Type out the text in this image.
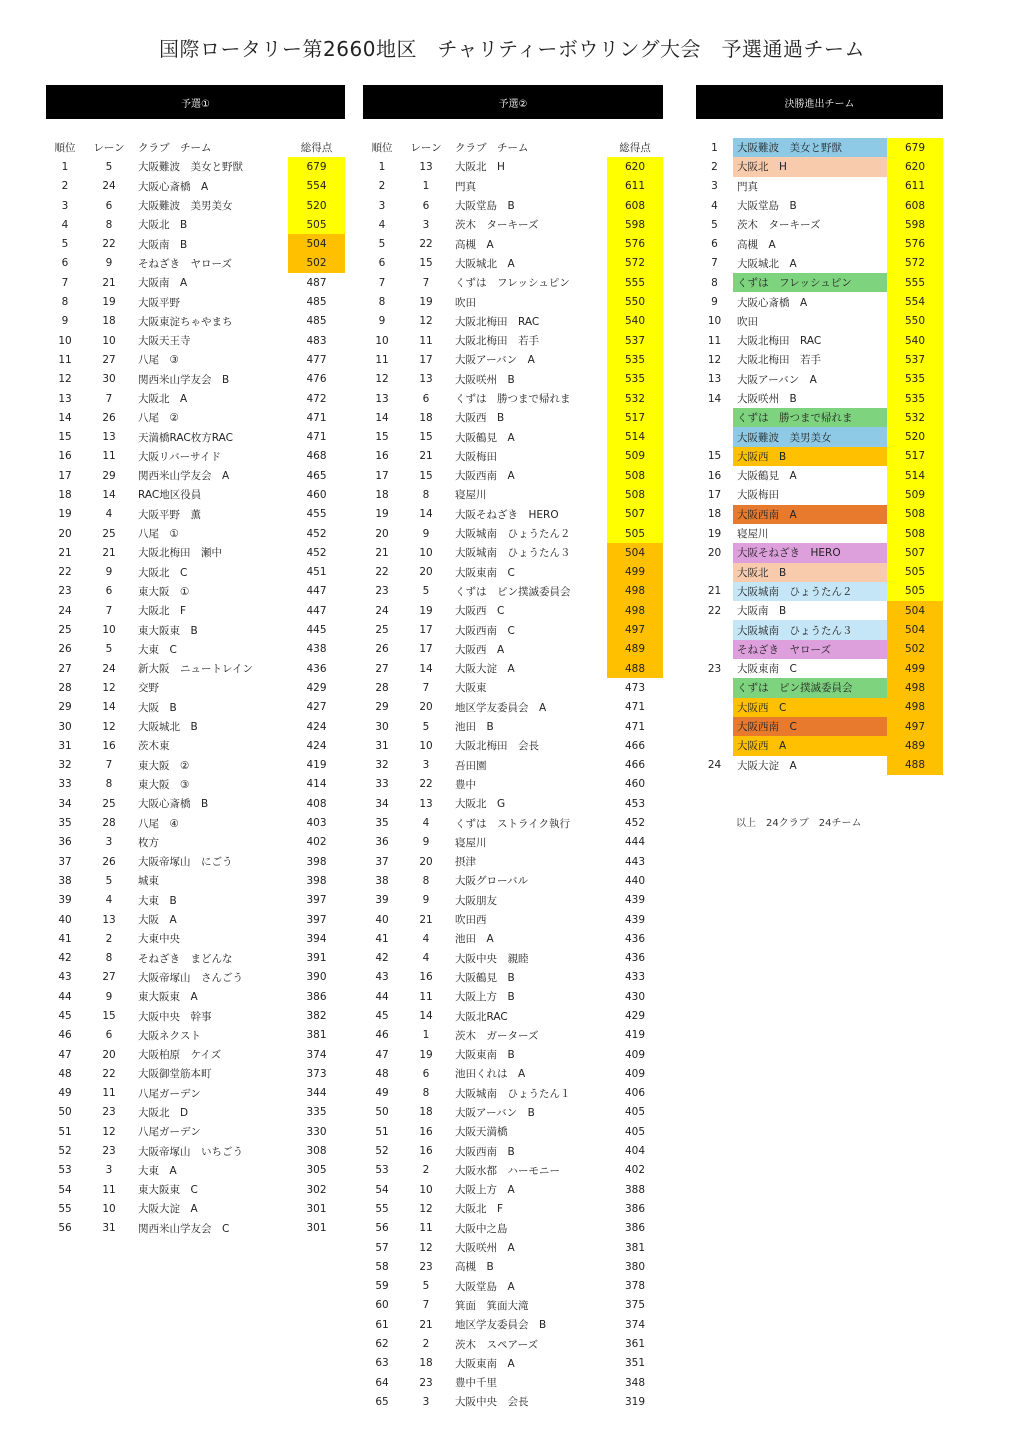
国際ロータリー第2660地区　チャリティーボウリング大会　予選通過チーム
予選①
順位	レーン	クラブ　チーム	総得点
1	5	大阪難波　美女と野獣	679
2	24	大阪心斎橋　A	554
3	6	大阪難波　美男美女	520
4	8	大阪北　B	505
5	22	大阪南　B	504
6	9	そねざき　ヤローズ	502
7	21	大阪南　A	487
8	19	大阪平野	485
9	18	大阪東淀ちゃやまち	485
10	10	大阪天王寺	483
11	27	八尾　③	477
12	30	関西米山学友会　B	476
13	7	大阪北　A	472
14	26	八尾　②	471
15	13	天満橋RAC枚方RAC	471
16	11	大阪リバーサイド	468
17	29	関西米山学友会　A	465
18	14	RAC地区役員	460
19	4	大阪平野　薫	455
20	25	八尾　①	452
21	21	大阪北梅田　瀬中	452
22	9	大阪北　C	451
23	6	東大阪　①	447
24	7	大阪北　F	447
25	10	東大阪東　B	445
26	5	大東　C	438
27	24	新大阪　ニュートレイン	436
28	12	交野	429
29	14	大阪　B	427
30	12	大阪城北　B	424
31	16	茨木東	424
32	7	東大阪　②	419
33	8	東大阪　③	414
34	25	大阪心斎橋　B	408
35	28	八尾　④	403
36	3	枚方	402
37	26	大阪帝塚山　にごう	398
38	5	城東	398
39	4	大東　B	397
40	13	大阪　A	397
41	2	大東中央	394
42	8	そねざき　まどんな	391
43	27	大阪帝塚山　さんごう	390
44	9	東大阪東　A	386
45	15	大阪中央　幹事	382
46	6	大阪ネクスト	381
47	20	大阪柏原　ケイズ	374
48	22	大阪御堂筋本町	373
49	11	八尾ガーデン	344
50	23	大阪北　D	335
51	12	八尾ガーデン	330
52	23	大阪帝塚山　いちごう	308
53	3	大東　A	305
54	11	東大阪東　C	302
55	10	大阪大淀　A	301
56	31	関西米山学友会　C	301
予選②
順位	レーン	クラブ　チーム	総得点
1	13	大阪北　H	620
2	1	門真	611
3	6	大阪堂島　B	608
4	3	茨木　ターキーズ	598
5	22	高槻　A	576
6	15	大阪城北　A	572
7	7	くずは　フレッシュピン	555
8	19	吹田	550
9	12	大阪北梅田　RAC	540
10	11	大阪北梅田　若手	537
11	17	大阪アーバン　A	535
12	13	大阪咲州　B	535
13	6	くずは　勝つまで帰れま	532
14	18	大阪西　B	517
15	15	大阪鶴見　A	514
16	21	大阪梅田	509
17	15	大阪西南　A	508
18	8	寝屋川	508
19	14	大阪そねざき　HERO	507
20	9	大阪城南　ひょうたん２	505
21	10	大阪城南　ひょうたん３	504
22	20	大阪東南　C	499
23	5	くずは　ピン撲滅委員会	498
24	19	大阪西　C	498
25	17	大阪西南　C	497
26	17	大阪西　A	489
27	14	大阪大淀　A	488
28	7	大阪東	473
29	20	地区学友委員会　A	471
30	5	池田　B	471
31	10	大阪北梅田　会長	466
32	3	吾田園	466
33	22	豊中	460
34	13	大阪北　G	453
35	4	くずは　ストライク執行	452
36	9	寝屋川	444
37	20	摂津	443
38	8	大阪グローバル	440
39	9	大阪朋友	439
40	21	吹田西	439
41	4	池田　A	436
42	4	大阪中央　親睦	436
43	16	大阪鶴見　B	433
44	11	大阪上方　B	430
45	14	大阪北RAC	429
46	1	茨木　ガーターズ	419
47	19	大阪東南　B	409
48	6	池田くれは　A	409
49	8	大阪城南　ひょうたん１	406
50	18	大阪アーバン　B	405
51	16	大阪天満橋	405
52	16	大阪西南　B	404
53	2	大阪水都　ハーモニー	402
54	10	大阪上方　A	388
55	12	大阪北　F	386
56	11	大阪中之島	386
57	12	大阪咲州　A	381
58	23	高槻　B	380
59	5	大阪堂島　A	378
60	7	箕面　箕面大滝	375
61	21	地区学友委員会　B	374
62	2	茨木　スペアーズ	361
63	18	大阪東南　A	351
64	23	豊中千里	348
65	3	大阪中央　会長	319
決勝進出チーム
1	大阪難波　美女と野獣	679
2	大阪北　H	620
3	門真	611
4	大阪堂島　B	608
5	茨木　ターキーズ	598
6	高槻　A	576
7	大阪城北　A	572
8	くずは　フレッシュピン	555
9	大阪心斎橋　A	554
10	吹田	550
11	大阪北梅田　RAC	540
12	大阪北梅田　若手	537
13	大阪アーバン　A	535
14	大阪咲州　B	535
	くずは　勝つまで帰れま	532
	大阪難波　美男美女	520
15	大阪西　B	517
16	大阪鶴見　A	514
17	大阪梅田	509
18	大阪西南　A	508
19	寝屋川	508
20	大阪そねざき　HERO	507
	大阪北　B	505
21	大阪城南　ひょうたん２	505
22	大阪南　B	504
	大阪城南　ひょうたん３	504
	そねざき　ヤローズ	502
23	大阪東南　C	499
	くずは　ピン撲滅委員会	498
	大阪西　C	498
	大阪西南　C	497
	大阪西　A	489
24	大阪大淀　A	488
以上　24クラブ　24チーム
